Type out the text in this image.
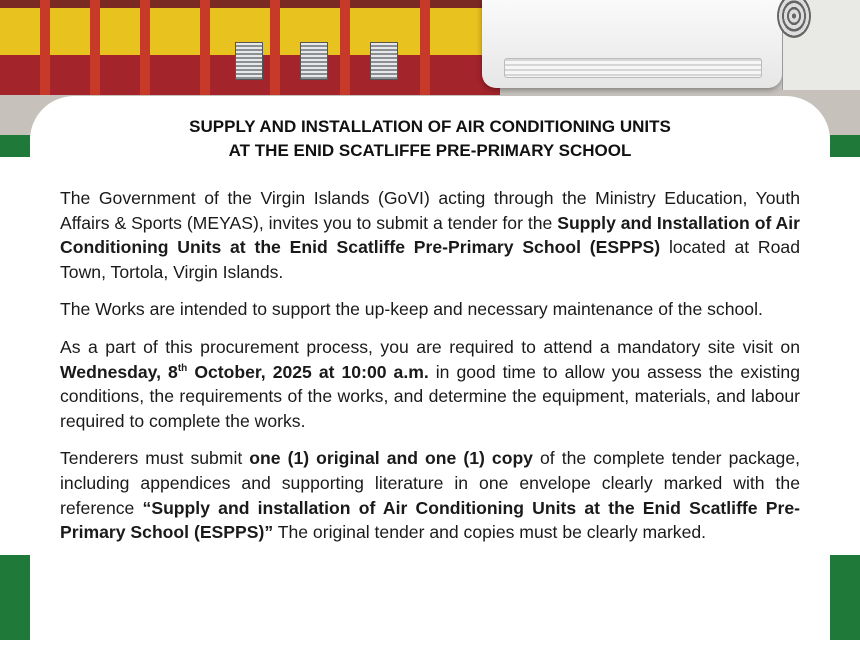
SUPPLY AND INSTALLATION OF AIR CONDITIONING UNITS
AT THE ENID SCATLIFFE PRE-PRIMARY SCHOOL

The Government of the Virgin Islands (GoVI) acting through the Ministry Education, Youth Affairs & Sports (MEYAS), invites you to submit a tender for the Supply and Installation of Air Conditioning Units at the Enid Scatliffe Pre-Primary School (ESPPS) located at Road Town, Tortola, Virgin Islands.

The Works are intended to support the up-keep and necessary maintenance of the school.

As a part of this procurement process, you are required to attend a mandatory site visit on Wednesday, 8th October, 2025 at 10:00 a.m. in good time to allow you assess the existing conditions, the requirements of the works, and determine the equipment, materials, and labour required to complete the works.

Tenderers must submit one (1) original and one (1) copy of the complete tender package, including appendices and supporting literature in one envelope clearly marked with the reference “Supply and installation of Air Conditioning Units at the Enid Scatliffe Pre-Primary School (ESPPS)” The original tender and copies must be clearly marked.
